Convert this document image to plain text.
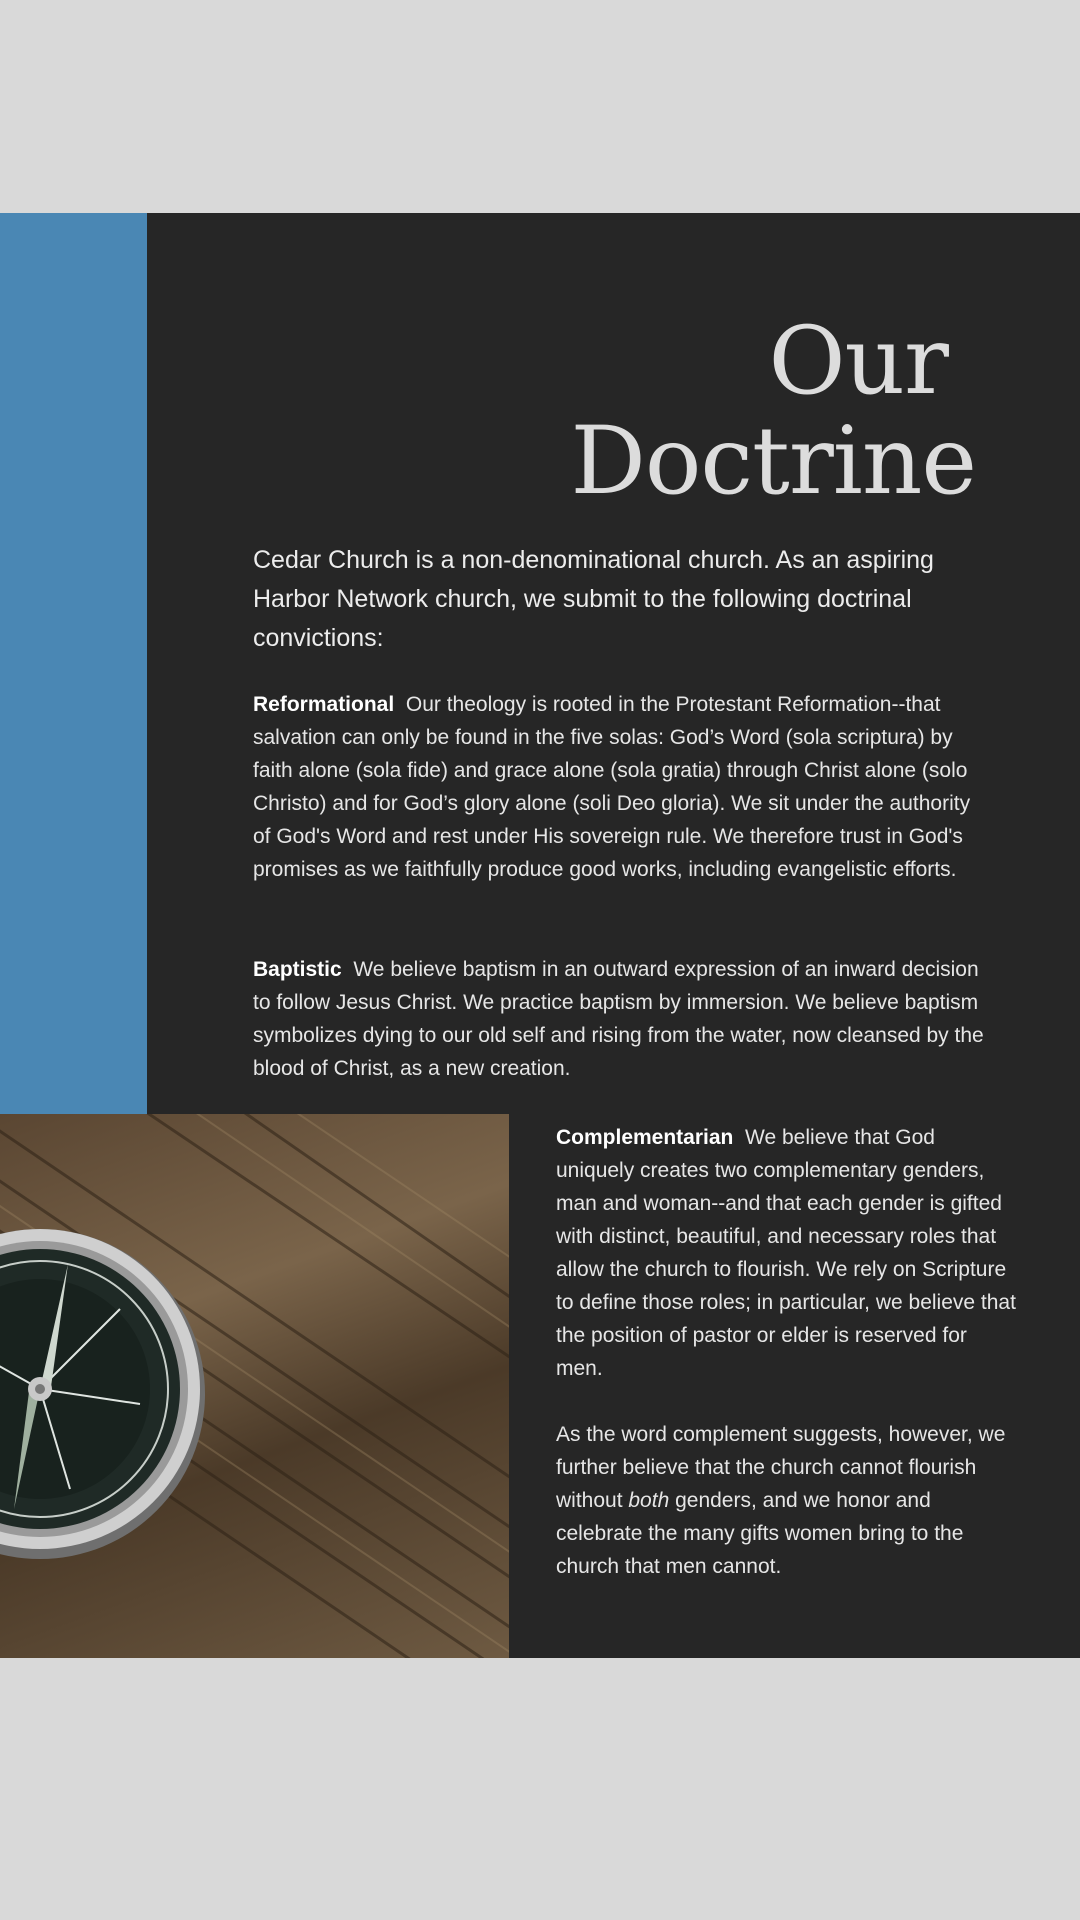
Our
Doctrine

Cedar Church is a non-denominational church. As an aspiring Harbor Network church, we submit to the following doctrinal convictions:

Reformational Our theology is rooted in the Protestant Reformation--that salvation can only be found in the five solas: God’s Word (sola scriptura) by faith alone (sola fide) and grace alone (sola gratia) through Christ alone (solo Christo) and for God’s glory alone (soli Deo gloria). We sit under the authority of God's Word and rest under His sovereign rule. We therefore trust in God's promises as we faithfully produce good works, including evangelistic efforts.

Baptistic We believe baptism in an outward expression of an inward decision to follow Jesus Christ. We practice baptism by immersion. We believe baptism symbolizes dying to our old self and rising from the water, now cleansed by the blood of Christ, as a new creation.

Complementarian We believe that God uniquely creates two complementary genders, man and woman--and that each gender is gifted with distinct, beautiful, and necessary roles that allow the church to flourish. We rely on Scripture to define those roles; in particular, we believe that the position of pastor or elder is reserved for men.

As the word complement suggests, however, we further believe that the church cannot flourish without both genders, and we honor and celebrate the many gifts women bring to the church that men cannot.
